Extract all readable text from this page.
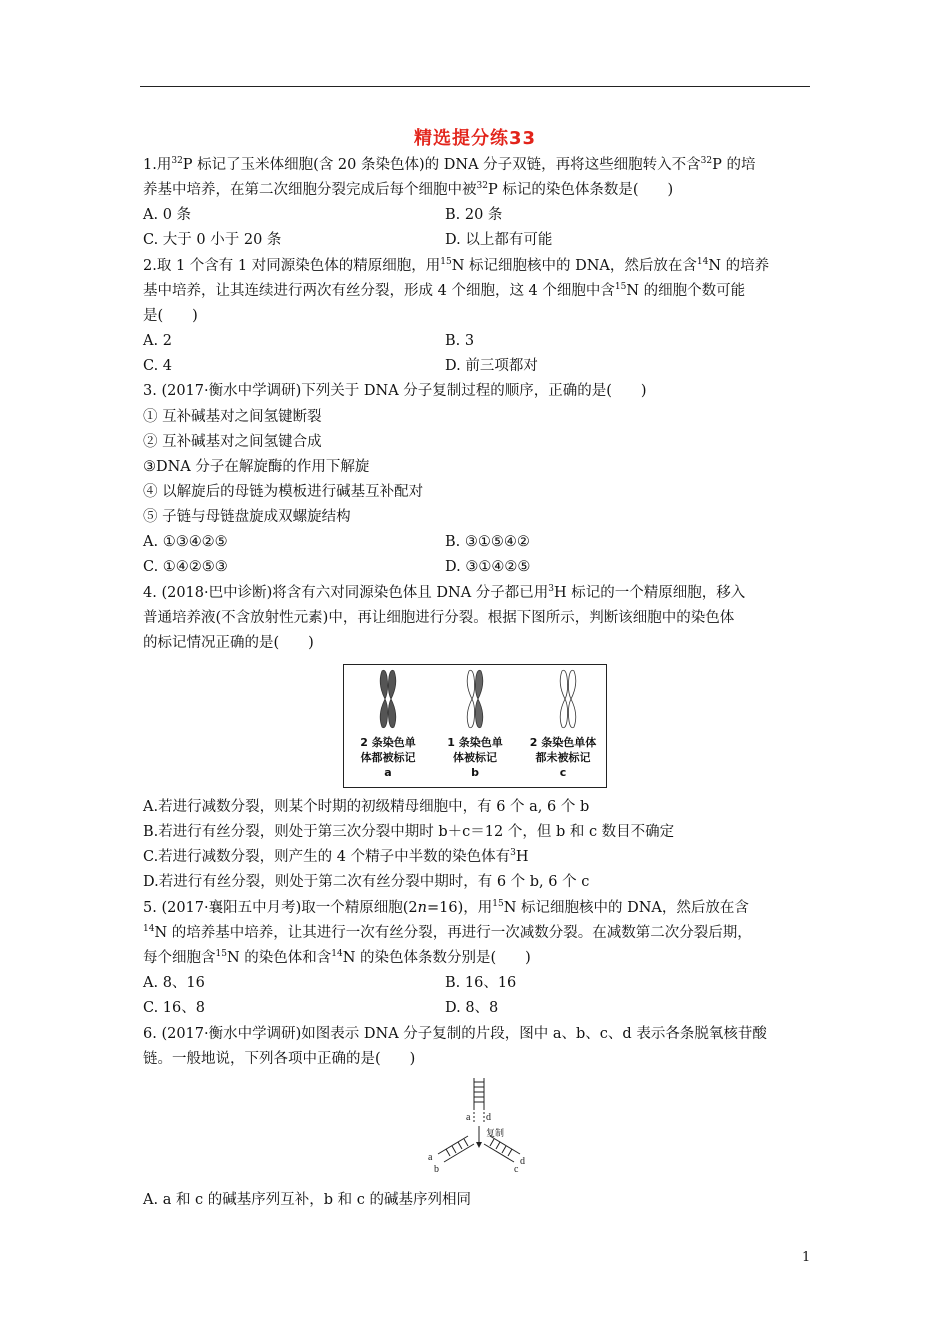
精选提分练33
1.用$^{32}$P 标记了玉米体细胞(含 20 条染色体)的 DNA 分子双链，再将这些细胞转入不含$^{32}$P 的培
养基中培养，在第二次细胞分裂完成后每个细胞中被$^{32}$P 标记的染色体条数是(　　)
A. 0 条	B. 20 条
C. 大于 0 小于 20 条	D. 以上都有可能
2.取 1 个含有 1 对同源染色体的精原细胞，用$^{15}$N 标记细胞核中的 DNA，然后放在含$^{14}$N 的培养
基中培养，让其连续进行两次有丝分裂，形成 4 个细胞，这 4 个细胞中含$^{15}$N 的细胞个数可能
是(　　)
A. 2	B. 3
C. 4	D. 前三项都对
3. (2017·衡水中学调研)下列关于 DNA 分子复制过程的顺序，正确的是(　　)
① 互补碱基对之间氢键断裂
② 互补碱基对之间氢键合成
③DNA 分子在解旋酶的作用下解旋
④ 以解旋后的母链为模板进行碱基互补配对
⑤ 子链与母链盘旋成双螺旋结构
A. ①③④②⑤	B. ③①⑤④②
C. ①④②⑤③	D. ③①④②⑤
4. (2018·巴中诊断)将含有六对同源染色体且 DNA 分子都已用$^3$H 标记的一个精原细胞，移入
普通培养液(不含放射性元素)中，再让细胞进行分裂。根据下图所示，判断该细胞中的染色体
的标记情况正确的是(　　)
2 条染色单
体都被标记
a
1 条染色单
体被标记
b
2 条染色单体
都未被标记
c
A.若进行减数分裂，则某个时期的初级精母细胞中，有 6 个 a, 6 个 b
B.若进行有丝分裂，则处于第三次分裂中期时 b＋c＝12 个，但 b 和 c 数目不确定
C.若进行减数分裂，则产生的 4 个精子中半数的染色体有$^3$H
D.若进行有丝分裂，则处于第二次有丝分裂中期时，有 6 个 b, 6 个 c
5. (2017·襄阳五中月考)取一个精原细胞(2n=16)，用$^{15}$N 标记细胞核中的 DNA，然后放在含
$^{14}$N 的培养基中培养，让其进行一次有丝分裂，再进行一次减数分裂。在减数第二次分裂后期，
每个细胞含$^{15}$N 的染色体和含$^{14}$N 的染色体条数分别是(　　)
A. 8、16	B. 16、16
C. 16、8	D. 8、8
6. (2017·衡水中学调研)如图表示 DNA 分子复制的片段，图中 a、b、c、d 表示各条脱氧核苷酸
链。一般地说，下列各项中正确的是(　　)
a d
复制
a
b	c
d
A. a 和 c 的碱基序列互补，b 和 c 的碱基序列相同
1
